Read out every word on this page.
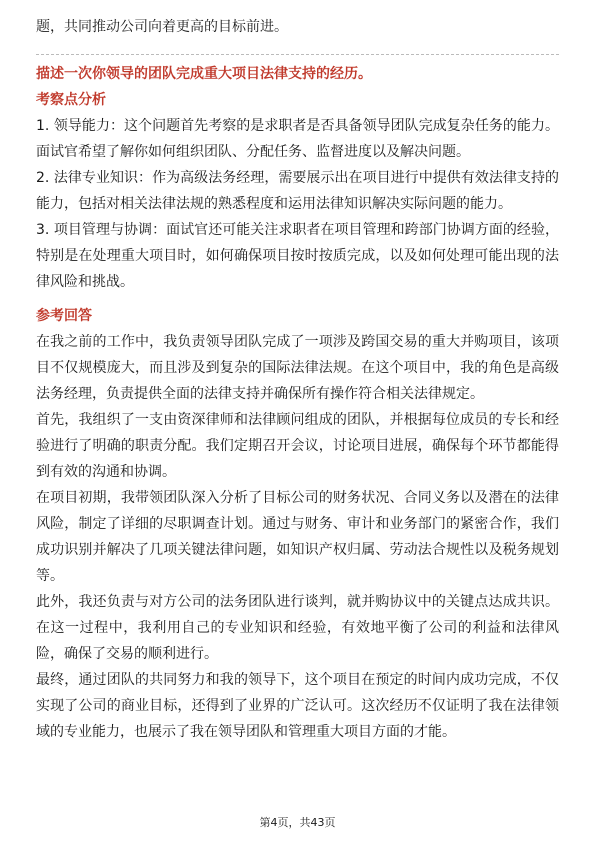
题，共同推动公司向着更高的目标前进。

描述一次你领导的团队完成重大项目法律支持的经历。
考察点分析

1. 领导能力：这个问题首先考察的是求职者是否具备领导团队完成复杂任务的能力。面试官希望了解你如何组织团队、分配任务、监督进度以及解决问题。

2. 法律专业知识：作为高级法务经理，需要展示出在项目进行中提供有效法律支持的能力，包括对相关法律法规的熟悉程度和运用法律知识解决实际问题的能力。

3. 项目管理与协调：面试官还可能关注求职者在项目管理和跨部门协调方面的经验，特别是在处理重大项目时，如何确保项目按时按质完成，以及如何处理可能出现的法律风险和挑战。

参考回答

在我之前的工作中，我负责领导团队完成了一项涉及跨国交易的重大并购项目，该项目不仅规模庞大，而且涉及到复杂的国际法律法规。在这个项目中，我的角色是高级法务经理，负责提供全面的法律支持并确保所有操作符合相关法律规定。

首先，我组织了一支由资深律师和法律顾问组成的团队，并根据每位成员的专长和经验进行了明确的职责分配。我们定期召开会议，讨论项目进展，确保每个环节都能得到有效的沟通和协调。

在项目初期，我带领团队深入分析了目标公司的财务状况、合同义务以及潜在的法律风险，制定了详细的尽职调查计划。通过与财务、审计和业务部门的紧密合作，我们成功识别并解决了几项关键法律问题，如知识产权归属、劳动法合规性以及税务规划等。

此外，我还负责与对方公司的法务团队进行谈判，就并购协议中的关键点达成共识。在这一过程中，我利用自己的专业知识和经验，有效地平衡了公司的利益和法律风险，确保了交易的顺利进行。

最终，通过团队的共同努力和我的领导下，这个项目在预定的时间内成功完成，不仅实现了公司的商业目标，还得到了业界的广泛认可。这次经历不仅证明了我在法律领域的专业能力，也展示了我在领导团队和管理重大项目方面的才能。

第4页，共43页
